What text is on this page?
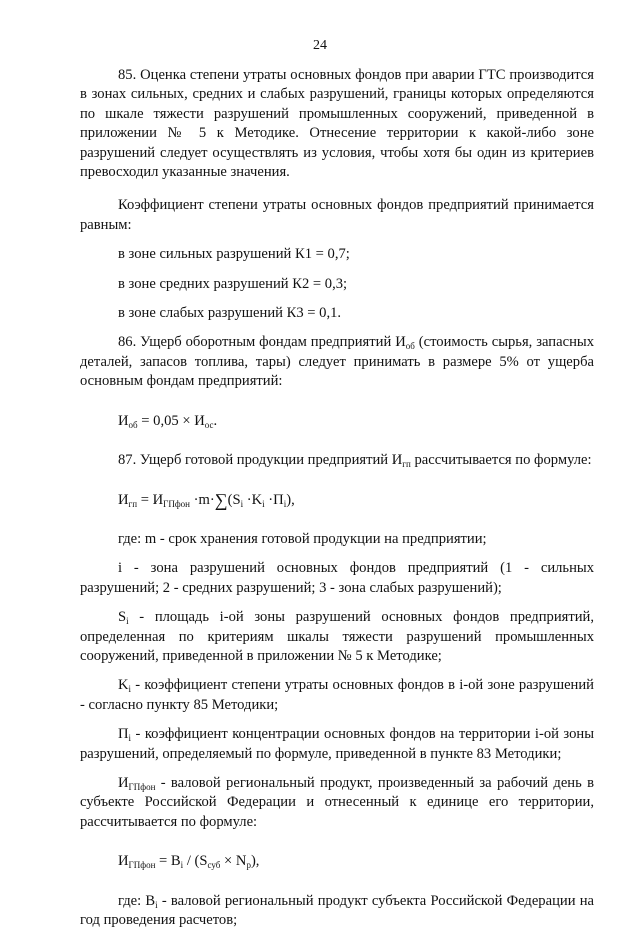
24

85. Оценка степени утраты основных фондов при аварии ГТС производится в зонах сильных, средних и слабых разрушений, границы которых определяются по шкале тяжести разрушений промышленных сооружений, приведенной в приложении № 5 к Методике. Отнесение территории к какой-либо зоне разрушений следует осуществлять из условия, чтобы хотя бы один из критериев превосходил указанные значения.

Коэффициент степени утраты основных фондов предприятий принимается равным:

в зоне сильных разрушений К1 = 0,7;

в зоне средних разрушений К2 = 0,3;

в зоне слабых разрушений К3 = 0,1.

86. Ущерб оборотным фондам предприятий $И_{об}$ (стоимость сырья, запасных деталей, запасов топлива, тары) следует принимать в размере 5% от ущерба основным фондам предприятий:

$И_{об} = 0,05 \times И_{ос}$.

87. Ущерб готовой продукции предприятий $И_{гп}$ рассчитывается по формуле:

$И_{гп} = И_{ГПфон} \cdot m\cdot\sum(S_i \cdot K_i \cdot П_i)$,

где: m - срок хранения готовой продукции на предприятии;

i - зона разрушений основных фондов предприятий (1 - сильных разрушений; 2 - средних разрушений; 3 - зона слабых разрушений);

$S_i$ - площадь i-ой зоны разрушений основных фондов предприятий, определенная по критериям шкалы тяжести разрушений промышленных сооружений, приведенной в приложении № 5 к Методике;

$K_i$ - коэффициент степени утраты основных фондов в i-ой зоне разрушений - согласно пункту 85 Методики;

$П_i$ - коэффициент концентрации основных фондов на территории i-ой зоны разрушений, определяемый по формуле, приведенной в пункте 83 Методики;

$И_{ГПфон}$ - валовой региональный продукт, произведенный за рабочий день в субъекте Российской Федерации и отнесенный к единице его территории, рассчитывается по формуле:

$И_{ГПфон} = B_i / (S_{суб} \times N_р)$,

где: $B_i$ - валовой региональный продукт субъекта Российской Федерации на год проведения расчетов;
